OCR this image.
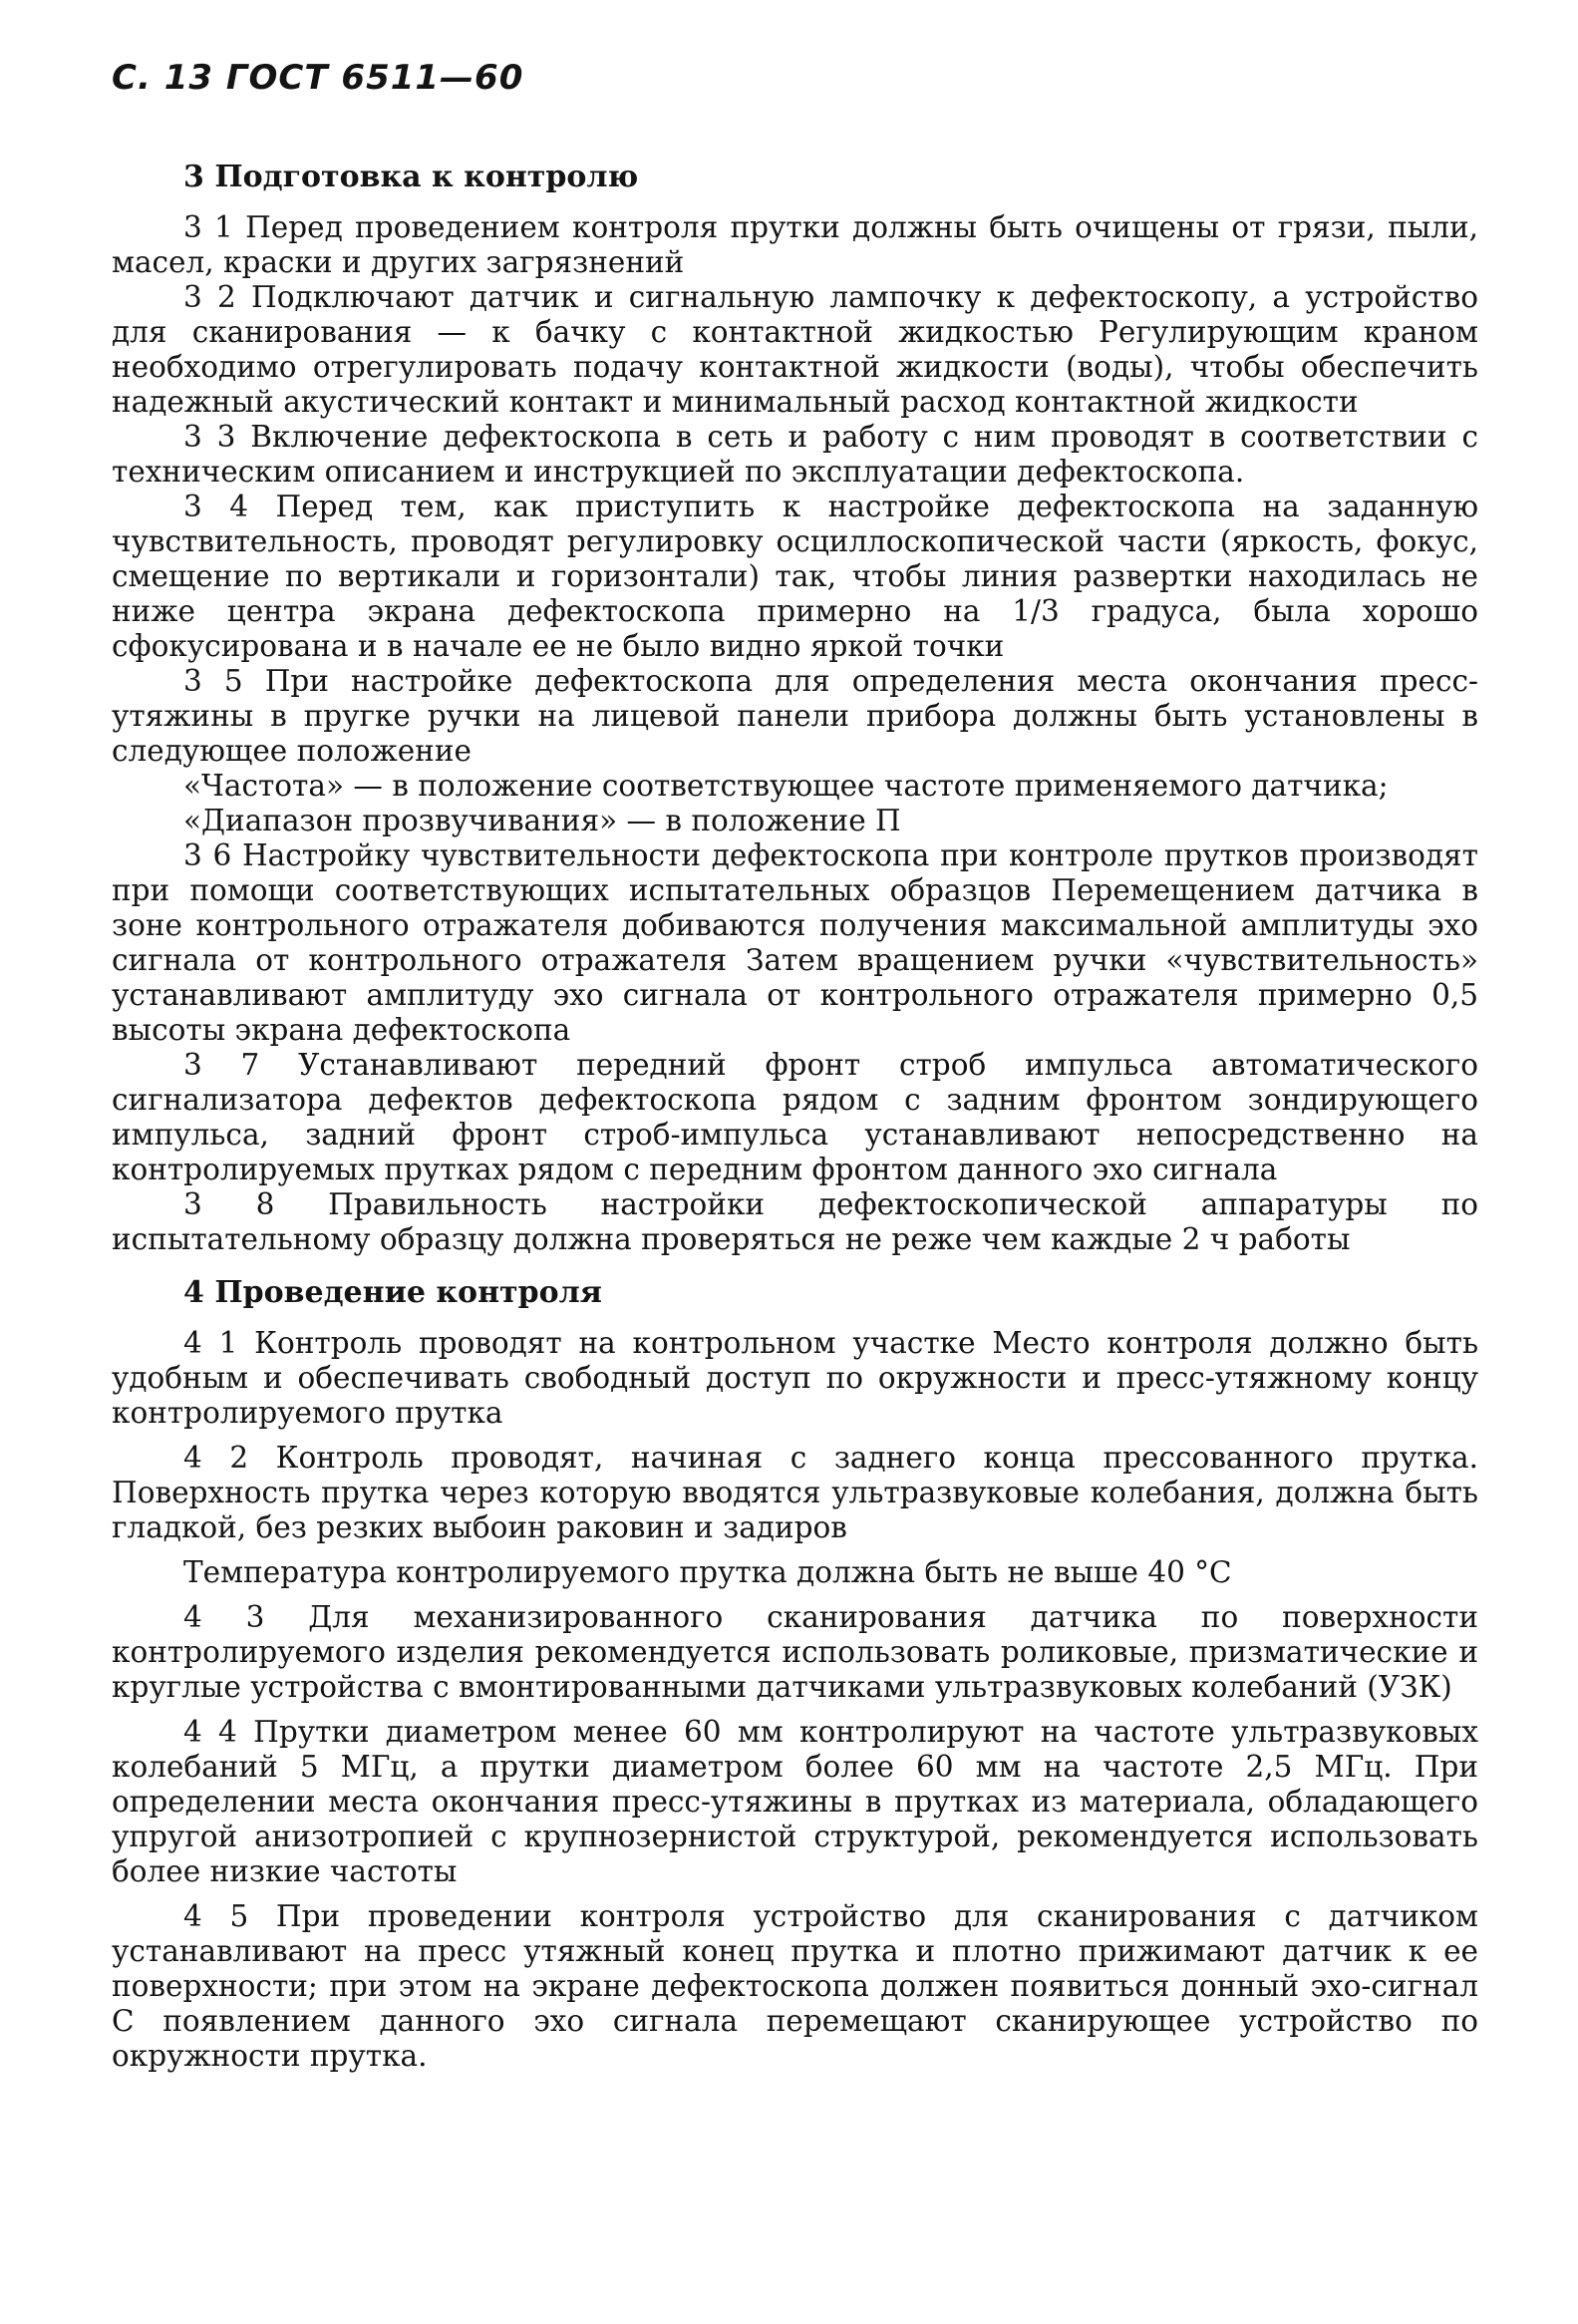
С. 13 ГОСТ 6511—60
3 Подготовка к контролю

3 1 Перед проведением контроля прутки должны быть очищены от грязи, пыли, масел, краски и других загрязнений

3 2 Подключают датчик и сигнальную лампочку к дефектоскопу, а устройство для сканирования — к бачку с контактной жидкостью Регулирующим краном необходимо отрегулировать подачу контактной жидкости (воды), чтобы обеспечить надежный акустический контакт и минимальный расход контактной жидкости

3 3 Включение дефектоскопа в сеть и работу с ним проводят в соответствии с техническим описанием и инструкцией по эксплуатации дефектоскопа.

3 4 Перед тем, как приступить к настройке дефектоскопа на заданную чувствительность, проводят регулировку осциллоскопической части (яркость, фокус, смещение по вертикали и горизонтали) так, чтобы линия развертки находилась не ниже центра экрана дефектоскопа примерно на 1/3 градуса, была хорошо сфокусирована и в начале ее не было видно яркой точки

3 5 При настройке дефектоскопа для определения места окончания пресс-утяжины в пругке ручки на лицевой панели прибора должны быть установлены в следующее положение

«Частота» — в положение соответствующее частоте применяемого датчика;

«Диапазон прозвучивания» — в положение П

3 6 Настройку чувствительности дефектоскопа при контроле прутков производят при помощи соответствующих испытательных образцов Перемещением датчика в зоне контрольного отражателя добиваются получения максимальной амплитуды эхо сигнала от контрольного отражателя Затем вращением ручки «чувствительность» устанавливают амплитуду эхо сигнала от контрольного отражателя примерно 0,5 высоты экрана дефектоскопа

3 7 Устанавливают передний фронт строб импульса автоматического сигнализатора дефектов дефектоскопа рядом с задним фронтом зондирующего импульса, задний фронт строб-импульса устанавливают непосредственно на контролируемых прутках рядом с передним фронтом данного эхо сигнала

3 8 Правильность настройки дефектоскопической аппаратуры по испытательному образцу должна проверяться не реже чем каждые 2 ч работы

4 Проведение контроля

4 1 Контроль проводят на контрольном участке Место контроля должно быть удобным и обеспечивать свободный доступ по окружности и пресс-утяжному концу контролируемого прутка

4 2 Контроль проводят, начиная с заднего конца прессованного прутка. Поверхность прутка через которую вводятся ультразвуковые колебания, должна быть гладкой, без резких выбоин раковин и задиров

Температура контролируемого прутка должна быть не выше 40 °С

4 3 Для механизированного сканирования датчика по поверхности контролируемого изделия рекомендуется использовать роликовые, призматические и круглые устройства с вмонтированными датчиками ультразвуковых колебаний (УЗК)

4 4 Прутки диаметром менее 60 мм контролируют на частоте ультразвуковых колебаний 5 МГц, а прутки диаметром более 60 мм на частоте 2,5 МГц. При определении места окончания пресс-утяжины в прутках из материала, обладающего упругой анизотропией с крупнозернистой структурой, рекомендуется использовать более низкие частоты

4 5 При проведении контроля устройство для сканирования с датчиком устанавливают на пресс утяжный конец прутка и плотно прижимают датчик к ее поверхности; при этом на экране дефектоскопа должен появиться донный эхо-сигнал С появлением данного эхо сигнала перемещают сканирующее устройство по окружности прутка.
